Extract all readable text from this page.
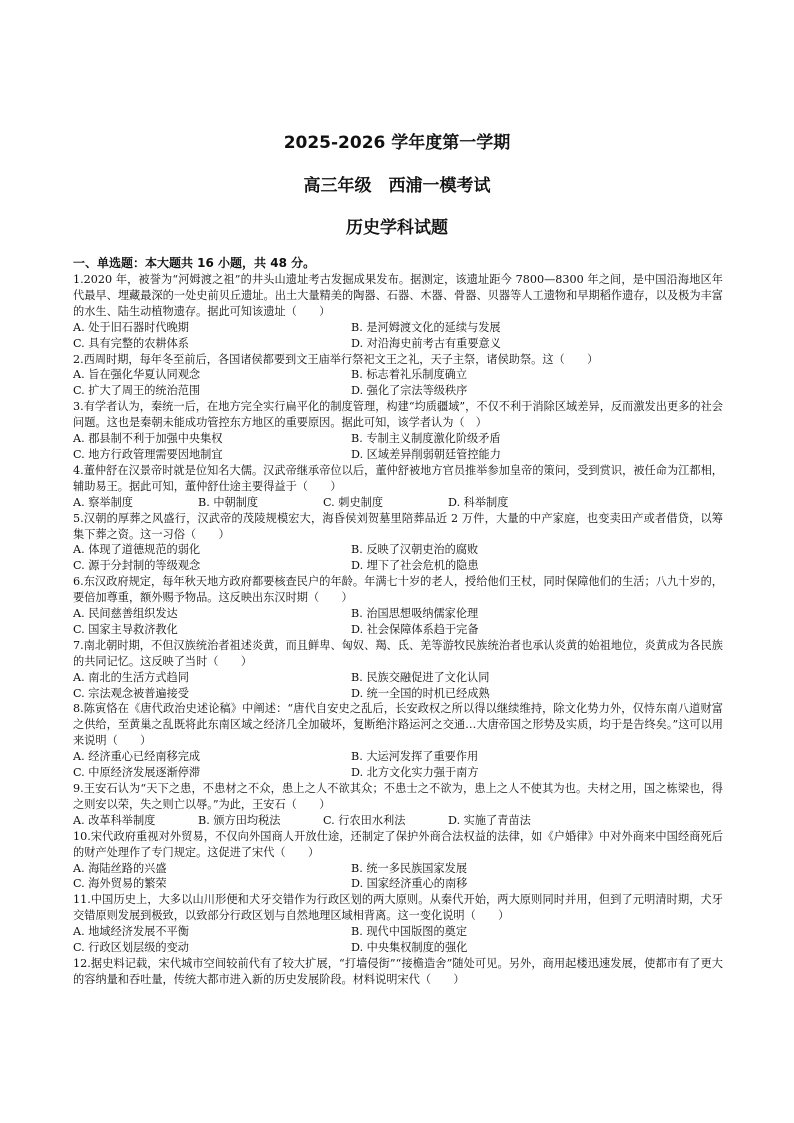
2025-2026 学年度第一学期
高三年级　西浦一模考试
历史学科试题

一、单选题：本大题共 16 小题，共 48 分。

1.2020 年，被誉为“河姆渡之祖”的井头山遗址考古发掘成果发布。据测定，该遗址距今 7800—8300 年之间，是中国沿海地区年代最早、埋藏最深的一处史前贝丘遗址。出土大量精美的陶器、石器、木器、骨器、贝器等人工遗物和早期稻作遗存，以及极为丰富的水生、陆生动植物遗存。据此可知该遗址（　　）

A. 处于旧石器时代晚期	B. 是河姆渡文化的延续与发展
C. 具有完整的农耕体系	D. 对沿海史前考古有重要意义

2.西周时期，每年冬至前后，各国诸侯都要到文王庙举行祭祀文王之礼，天子主祭，诸侯助祭。这（　　）

A. 旨在强化华夏认同观念	B. 标志着礼乐制度确立
C. 扩大了周王的统治范围	D. 强化了宗法等级秩序

3.有学者认为，秦统一后，在地方完全实行扁平化的制度管理，构建“均质疆域”，不仅不利于消除区域差异，反而激发出更多的社会问题。这也是秦朝未能成功管控东方地区的重要原因。据此可知，该学者认为（　）

A. 郡县制不利于加强中央集权	B. 专制主义制度激化阶级矛盾
C. 地方行政管理需要因地制宜	D. 区域差异削弱朝廷管控能力

4.董仲舒在汉景帝时就是位知名大儒。汉武帝继承帝位以后，董仲舒被地方官员推举参加皇帝的策问，受到赏识，被任命为江都相，辅助易王。据此可知，董仲舒仕途主要得益于（　　）

A. 察举制度	B. 中朝制度	C. 刺史制度	D. 科举制度

5.汉朝的厚葬之风盛行，汉武帝的茂陵规模宏大，海昏侯刘贺墓里陪葬品近 2 万件，大量的中产家庭，也变卖田产或者借贷，以筹集下葬之资。这一习俗（　　）

A. 体现了道德规范的弱化	B. 反映了汉朝吏治的腐败
C. 源于分封制的等级观念	D. 埋下了社会危机的隐患

6.东汉政府规定，每年秋天地方政府都要核查民户的年龄。年满七十岁的老人，授给他们王杖，同时保障他们的生活；八九十岁的，要倍加尊重，额外赐予物品。这反映出东汉时期（　　）

A. 民间慈善组织发达	B. 治国思想吸纳儒家伦理
C. 国家主导救济教化	D. 社会保障体系趋于完备

7.南北朝时期，不但汉族统治者祖述炎黄，而且鲜卑、匈奴、羯、氐、羌等游牧民族统治者也承认炎黄的始祖地位，炎黄成为各民族的共同记忆。这反映了当时（　　）

A. 南北的生活方式趋同	B. 民族交融促进了文化认同
C. 宗法观念被普遍接受	D. 统一全国的时机已经成熟

8.陈寅恪在《唐代政治史述论稿》中阐述：“唐代自安史之乱后，长安政权之所以得以继续维持，除文化势力外，仅恃东南八道财富之供给，至黄巢之乱既将此东南区域之经济几全加破坏，复断绝汴路运河之交通…大唐帝国之形势及实质，均于是告终矣。”这可以用来说明（　　）

A. 经济重心已经南移完成	B. 大运河发挥了重要作用
C. 中原经济发展逐渐停滞	D. 北方文化实力强于南方

9.王安石认为“天下之患，不患材之不众，患上之人不欲其众；不患士之不欲为，患上之人不使其为也。夫材之用，国之栋梁也，得之则安以荣，失之则亡以辱。”为此，王安石（　　）

A. 改革科举制度	B. 颁方田均税法	C. 行农田水利法	D. 实施了青苗法

10.宋代政府重视对外贸易，不仅向外国商人开放仕途，还制定了保护外商合法权益的法律，如《户婚律》中对外商来中国经商死后的财产处理作了专门规定。这促进了宋代（　　）

A. 海陆丝路的兴盛	B. 统一多民族国家发展
C. 海外贸易的繁荣	D. 国家经济重心的南移

11.中国历史上，大多以山川形便和犬牙交错作为行政区划的两大原则。从秦代开始，两大原则同时并用，但到了元明清时期，犬牙交错原则发展到极致，以致部分行政区划与自然地理区域相背离。这一变化说明（　　）

A. 地域经济发展不平衡	B. 现代中国版图的奠定
C. 行政区划层级的变动	D. 中央集权制度的强化

12.据史料记载，宋代城市空间较前代有了较大扩展，“打墙侵街”“接檐造舍”随处可见。另外，商用起楼迅速发展，使都市有了更大的容纳量和吞吐量，传统大都市进入新的历史发展阶段。材料说明宋代（　　）
